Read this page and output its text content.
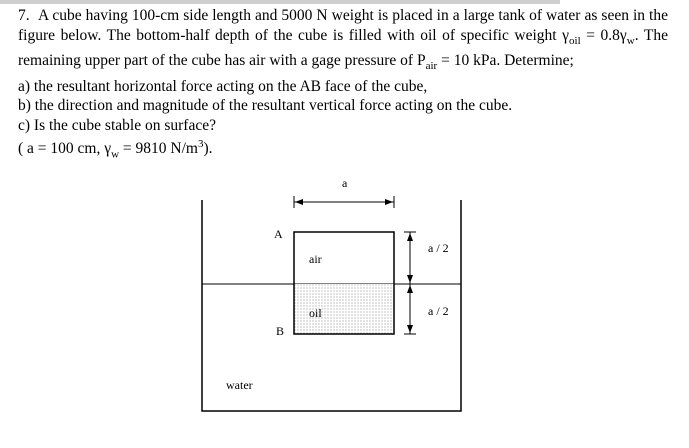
7. A cube having 100-cm side length and 5000 N weight is placed in a large tank of water as seen in the figure below. The bottom-half depth of the cube is filled with oil of specific weight $\gamma_{oil} = 0.8\gamma_w$. The remaining upper part of the cube has air with a gage pressure of $P_{air} = 10$ kPa. Determine;
a) the resultant horizontal force acting on the AB face of the cube,
b) the direction and magnitude of the resultant vertical force acting on the cube.
c) Is the cube stable on surface?
( a = 100 cm, $\gamma_w = 9810$ $N/m^3$).
a
A
B
air
oil
a / 2
a / 2
water
